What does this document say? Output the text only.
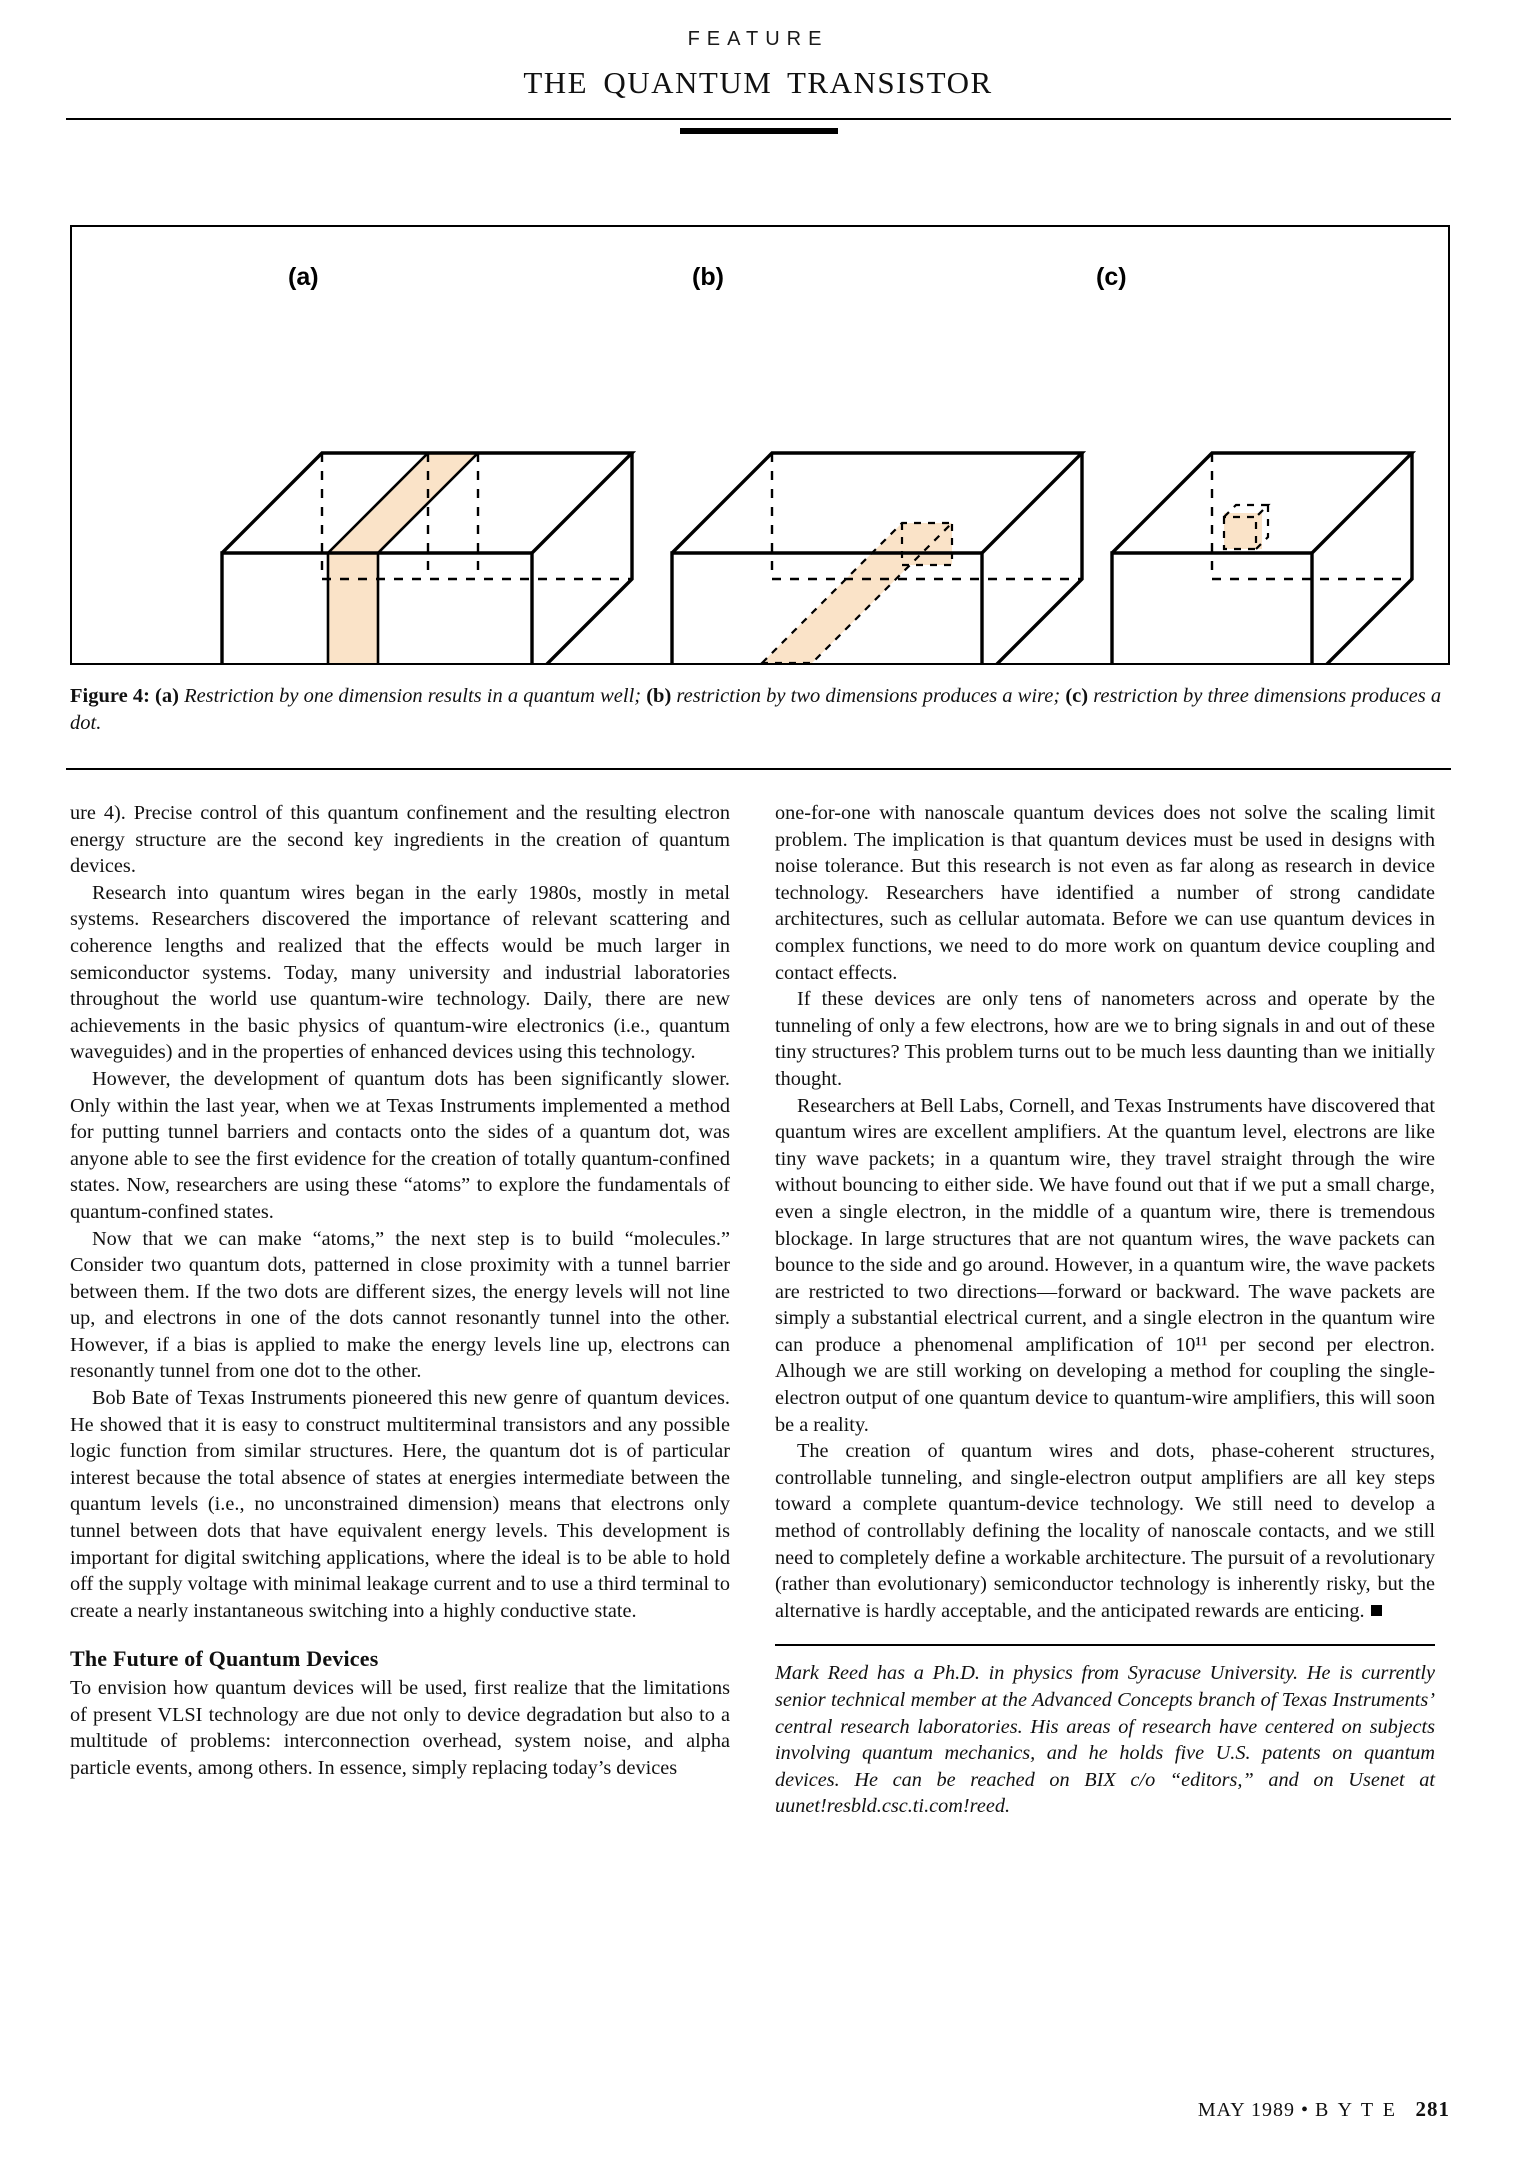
FEATURE
THE QUANTUM TRANSISTOR
(a)	(b)	(c)
Figure 4: (a) Restriction by one dimension results in a quantum well; (b) restriction by two dimensions produces a wire; (c) restriction by three dimensions produces a dot.

ure 4). Precise control of this quantum confinement and the resulting electron energy structure are the second key ingredients in the creation of quantum devices.

Research into quantum wires began in the early 1980s, mostly in metal systems. Researchers discovered the importance of relevant scattering and coherence lengths and realized that the effects would be much larger in semiconductor systems. Today, many university and industrial laboratories throughout the world use quantum-wire technology. Daily, there are new achievements in the basic physics of quantum-wire electronics (i.e., quantum waveguides) and in the properties of enhanced devices using this technology.

However, the development of quantum dots has been significantly slower. Only within the last year, when we at Texas Instruments implemented a method for putting tunnel barriers and contacts onto the sides of a quantum dot, was anyone able to see the first evidence for the creation of totally quantum-confined states. Now, researchers are using these “atoms” to explore the fundamentals of quantum-confined states.

Now that we can make “atoms,” the next step is to build “molecules.” Consider two quantum dots, patterned in close proximity with a tunnel barrier between them. If the two dots are different sizes, the energy levels will not line up, and electrons in one of the dots cannot resonantly tunnel into the other. However, if a bias is applied to make the energy levels line up, electrons can resonantly tunnel from one dot to the other.

Bob Bate of Texas Instruments pioneered this new genre of quantum devices. He showed that it is easy to construct multiterminal transistors and any possible logic function from similar structures. Here, the quantum dot is of particular interest because the total absence of states at energies intermediate between the quantum levels (i.e., no unconstrained dimension) means that electrons only tunnel between dots that have equivalent energy levels. This development is important for digital switching applications, where the ideal is to be able to hold off the supply voltage with minimal leakage current and to use a third terminal to create a nearly instantaneous switching into a highly conductive state.

The Future of Quantum Devices

To envision how quantum devices will be used, first realize that the limitations of present VLSI technology are due not only to device degradation but also to a multitude of problems: interconnection overhead, system noise, and alpha particle events, among others. In essence, simply replacing today’s devices

one-for-one with nanoscale quantum devices does not solve the scaling limit problem. The implication is that quantum devices must be used in designs with noise tolerance. But this research is not even as far along as research in device technology. Researchers have identified a number of strong candidate architectures, such as cellular automata. Before we can use quantum devices in complex functions, we need to do more work on quantum device coupling and contact effects.

If these devices are only tens of nanometers across and operate by the tunneling of only a few electrons, how are we to bring signals in and out of these tiny structures? This problem turns out to be much less daunting than we initially thought.

Researchers at Bell Labs, Cornell, and Texas Instruments have discovered that quantum wires are excellent amplifiers. At the quantum level, electrons are like tiny wave packets; in a quantum wire, they travel straight through the wire without bouncing to either side. We have found out that if we put a small charge, even a single electron, in the middle of a quantum wire, there is tremendous blockage. In large structures that are not quantum wires, the wave packets can bounce to the side and go around. However, in a quantum wire, the wave packets are restricted to two directions—forward or backward. The wave packets are simply a substantial electrical current, and a single electron in the quantum wire can produce a phenomenal amplification of 10¹¹ per second per electron. Alhough we are still working on developing a method for coupling the single-electron output of one quantum device to quantum-wire amplifiers, this will soon be a reality.

The creation of quantum wires and dots, phase-coherent structures, controllable tunneling, and single-electron output amplifiers are all key steps toward a complete quantum-device technology. We still need to develop a method of controllably defining the locality of nanoscale contacts, and we still need to completely define a workable architecture. The pursuit of a revolutionary (rather than evolutionary) semiconductor technology is inherently risky, but the alternative is hardly acceptable, and the anticipated rewards are enticing.

Mark Reed has a Ph.D. in physics from Syracuse University. He is currently senior technical member at the Advanced Concepts branch of Texas Instruments’ central research laboratories. His areas of research have centered on subjects involving quantum mechanics, and he holds five U.S. patents on quantum devices. He can be reached on BIX c/o “editors,” and on Usenet at uunet!resbld.csc.ti.com!reed.

MAY 1989 • B Y T E 281
